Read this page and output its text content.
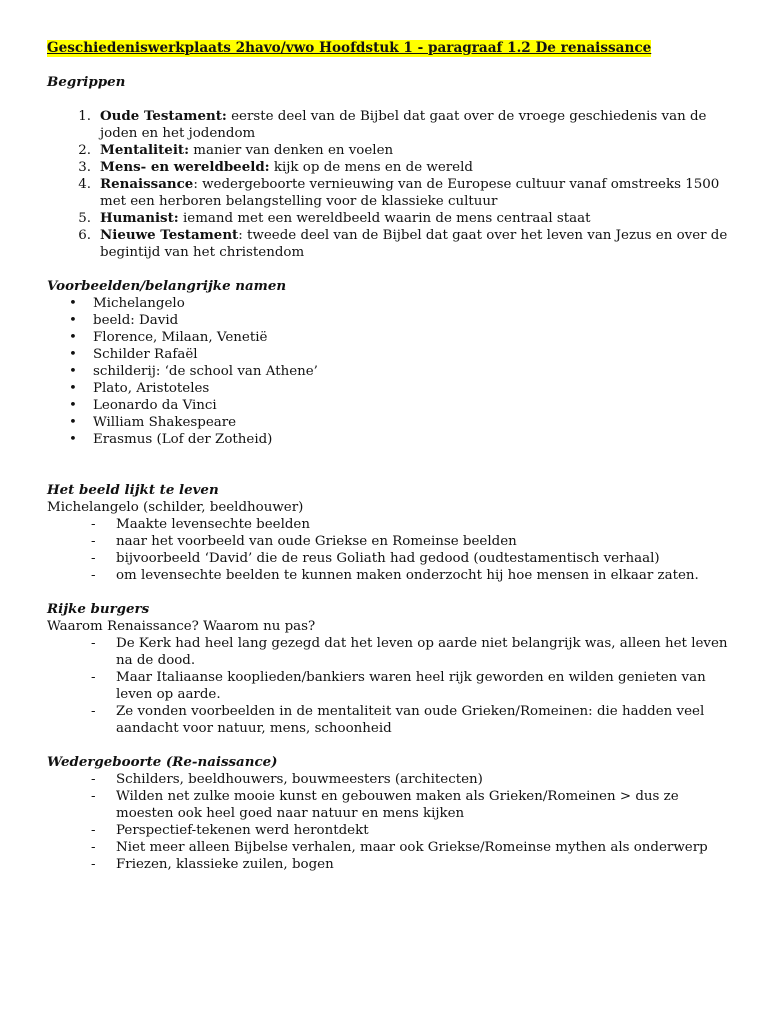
Geschiedeniswerkplaats 2havo/vwo Hoofdstuk 1 - paragraaf 1.2 De renaissance

Begrippen

1. Oude Testament: eerste deel van de Bijbel dat gaat over de vroege geschiedenis van de joden en het jodendom
2. Mentaliteit: manier van denken en voelen
3. Mens- en wereldbeeld: kijk op de mens en de wereld
4. Renaissance: wedergeboorte vernieuwing van de Europese cultuur vanaf omstreeks 1500 met een herboren belangstelling voor de klassieke cultuur
5. Humanist: iemand met een wereldbeeld waarin de mens centraal staat
6. Nieuwe Testament: tweede deel van de Bijbel dat gaat over het leven van Jezus en over de begintijd van het christendom

Voorbeelden/belangrijke namen

• Michelangelo
• beeld: David
• Florence, Milaan, Venetië
• Schilder Rafaël
• schilderij: ‘de school van Athene’
• Plato, Aristoteles
• Leonardo da Vinci
• William Shakespeare
• Erasmus (Lof der Zotheid)

Het beeld lijkt te leven

Michelangelo (schilder, beeldhouwer)

- Maakte levensechte beelden
- naar het voorbeeld van oude Griekse en Romeinse beelden
- bijvoorbeeld ‘David’ die de reus Goliath had gedood (oudtestamentisch verhaal)
- om levensechte beelden te kunnen maken onderzocht hij hoe mensen in elkaar zaten.

Rijke burgers

Waarom Renaissance? Waarom nu pas?

- De Kerk had heel lang gezegd dat het leven op aarde niet belangrijk was, alleen het leven na de dood.
- Maar Italiaanse kooplieden/bankiers waren heel rijk geworden en wilden genieten van leven op aarde.
- Ze vonden voorbeelden in de mentaliteit van oude Grieken/Romeinen: die hadden veel aandacht voor natuur, mens, schoonheid

Wedergeboorte (Re-naissance)

- Schilders, beeldhouwers, bouwmeesters (architecten)
- Wilden net zulke mooie kunst en gebouwen maken als Grieken/Romeinen > dus ze moesten ook heel goed naar natuur en mens kijken
- Perspectief-tekenen werd herontdekt
- Niet meer alleen Bijbelse verhalen, maar ook Griekse/Romeinse mythen als onderwerp
- Friezen, klassieke zuilen, bogen
